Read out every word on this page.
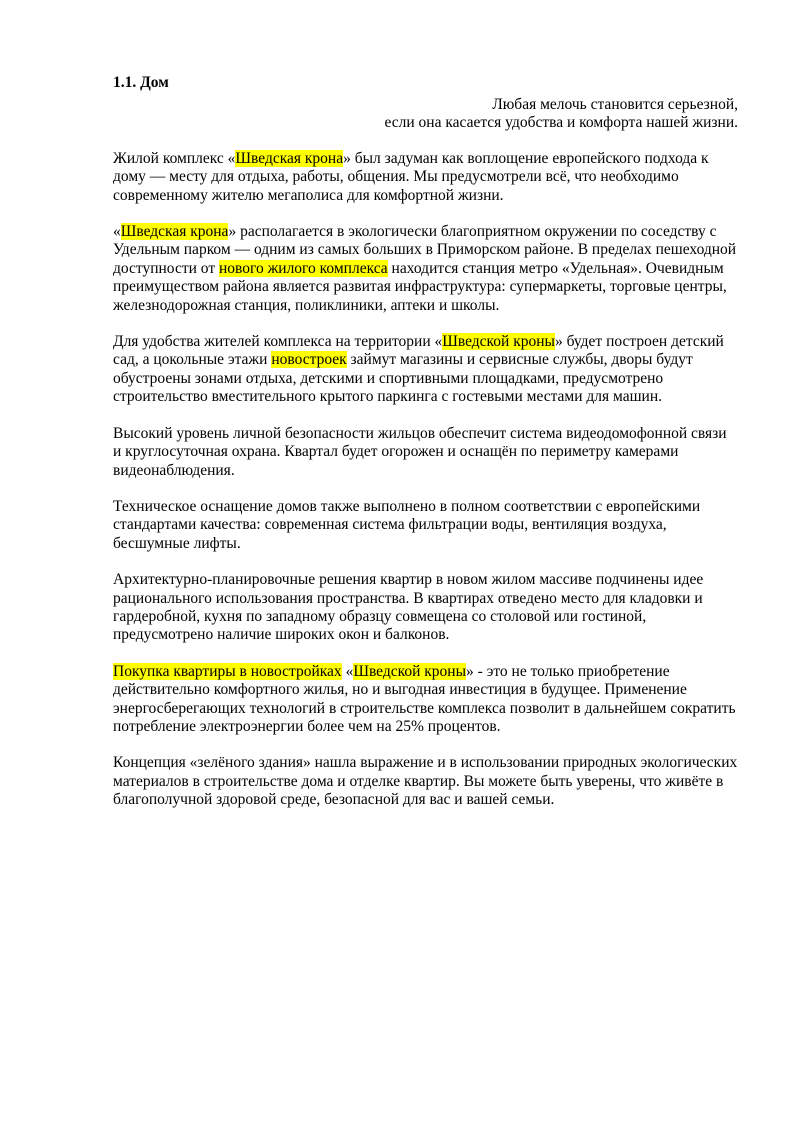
1.1. Дом
Любая мелочь становится серьезной,
если она касается удобства и комфорта нашей жизни.

Жилой комплекс «Шведская крона» был задуман как воплощение европейского подхода к дому — месту для отдыха, работы, общения. Мы предусмотрели всё, что необходимо современному жителю мегаполиса для комфортной жизни.

«Шведская крона» располагается в экологически благоприятном окружении по соседству с Удельным парком — одним из самых больших в Приморском районе. В пределах пешеходной доступности от нового жилого комплекса находится станция метро «Удельная». Очевидным преимуществом района является развитая инфраструктура: супермаркеты, торговые центры, железнодорожная станция, поликлиники, аптеки и школы.

Для удобства жителей комплекса на территории «Шведской кроны» будет построен детский сад, а цокольные этажи новостроек займут магазины и сервисные службы, дворы будут обустроены зонами отдыха, детскими и спортивными площадками, предусмотрено строительство вместительного крытого паркинга с гостевыми местами для машин.

Высокий уровень личной безопасности жильцов обеспечит система видеодомофонной связи и круглосуточная охрана. Квартал будет огорожен и оснащён по периметру камерами видеонаблюдения.

Техническое оснащение домов также выполнено в полном соответствии с европейскими стандартами качества: современная система фильтрации воды, вентиляция воздуха, бесшумные лифты.

Архитектурно-планировочные решения квартир в новом жилом массиве подчинены идее рационального использования пространства. В квартирах отведено место для кладовки и гардеробной, кухня по западному образцу совмещена со столовой или гостиной, предусмотрено наличие широких окон и балконов.

Покупка квартиры в новостройках «Шведской кроны» - это не только приобретение действительно комфортного жилья, но и выгодная инвестиция в будущее. Применение энергосберегающих технологий в строительстве комплекса позволит в дальнейшем сократить потребление электроэнергии более чем на 25% процентов.

Концепция «зелёного здания» нашла выражение и в использовании природных экологических материалов в строительстве дома и отделке квартир. Вы можете быть уверены, что живёте в благополучной здоровой среде, безопасной для вас и вашей семьи.
